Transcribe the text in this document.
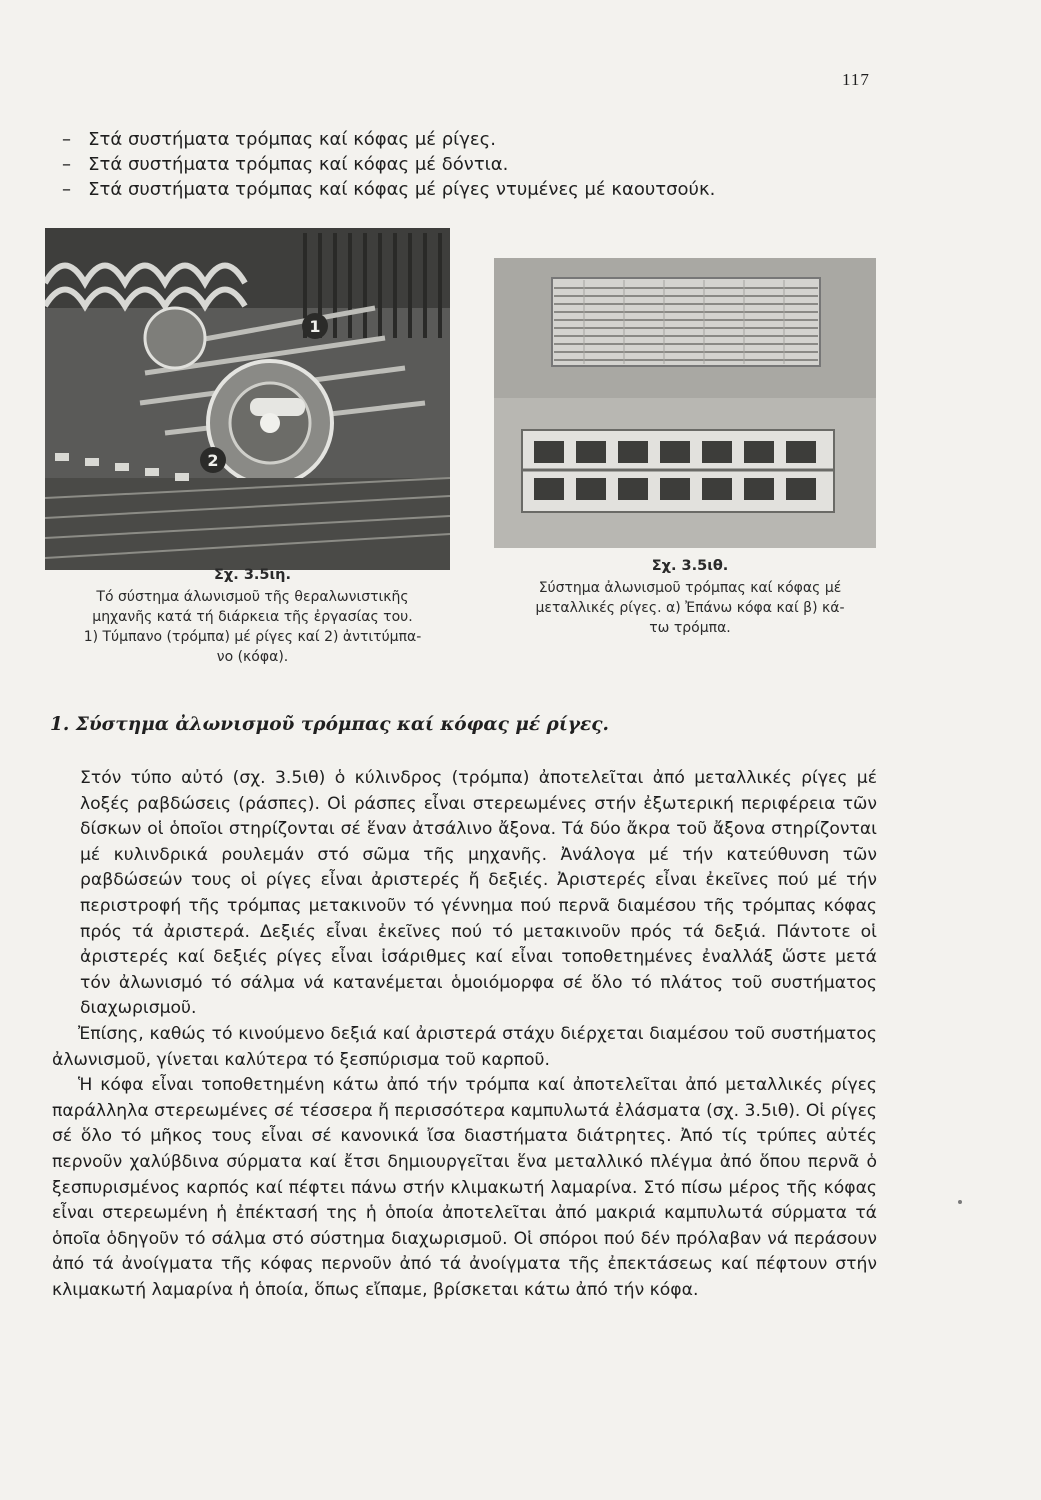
117
–   Στά συστήματα τρόμπας καί κόφας μέ ρίγες.
–   Στά συστήματα τρόμπας καί κόφας μέ δόντια.
–   Στά συστήματα τρόμπας καί κόφας μέ ρίγες ντυμένες μέ καουτσούκ.
1
2
Σχ. 3.5ιη.
Τό σύστημα άλωνισμοῦ τῆς θεραλωνιστικῆς
μηχανῆς κατά τή διάρκεια τῆς ἐργασίας του.
1) Τύμπανο (τρόμπα) μέ ρίγες καί 2) ἀντιτύμπα-
νο (κόφα).
Σχ. 3.5ιθ.
Σύστημα ἀλωνισμοῦ τρόμπας καί κόφας μέ
μεταλλικές ρίγες. α) Ἐπάνω κόφα καί β) κά-
τω τρόμπα.
1. Σύστημα ἀλωνισμοῦ τρόμπας καί κόφας μέ ρίγες.

Στόν τύπο αὐτό (σχ. 3.5ιθ) ὁ κύλινδρος (τρόμπα) ἀποτελεῖται ἀπό μεταλλικές ρίγες μέ λοξές ραβδώσεις (ράσπες). Οἱ ράσπες εἶναι στερεωμένες στήν ἐξωτερική περιφέρεια τῶν δίσκων οἱ ὁποῖοι στηρίζονται σέ ἕναν ἀτσάλινο ἄξονα. Τά δύο ἄκρα τοῦ ἄξονα στηρίζονται μέ κυλινδρικά ρουλεμάν στό σῶμα τῆς μηχανῆς. Ἀνάλογα μέ τήν κατεύθυνση τῶν ραβδώσεών τους οἱ ρίγες εἶναι ἀριστερές ἤ δεξιές. Ἀριστερές εἶναι ἐκεῖνες πού μέ τήν περιστροφή τῆς τρόμπας μετακινοῦν τό γέννημα πού περνᾶ διαμέσου τῆς τρόμπας κόφας πρός τά ἀριστερά. Δεξιές εἶναι ἐκεῖνες πού τό μετακινοῦν πρός τά δεξιά. Πάντοτε οἱ ἀριστερές καί δεξιές ρίγες εἶναι ἰσάριθμες καί εἶναι τοποθετημένες ἐναλλάξ ὥστε μετά τόν ἀλωνισμό τό σάλμα νά κατανέμεται ὁμοιόμορφα σέ ὅλο τό πλάτος τοῦ συστήματος διαχωρισμοῦ.

Ἐπίσης, καθώς τό κινούμενο δεξιά καί ἀριστερά στάχυ διέρχεται διαμέσου τοῦ συστήματος ἀλωνισμοῦ, γίνεται καλύτερα τό ξεσπύρισμα τοῦ καρποῦ.

Ἡ κόφα εἶναι τοποθετημένη κάτω ἀπό τήν τρόμπα καί ἀποτελεῖται ἀπό μεταλλικές ρίγες παράλληλα στερεωμένες σέ τέσσερα ἤ περισσότερα καμπυλωτά ἐλάσματα (σχ. 3.5ιθ). Οἱ ρίγες σέ ὅλο τό μῆκος τους εἶναι σέ κανονικά ἴσα διαστήματα διάτρητες. Ἀπό τίς τρύπες αὐτές περνοῦν χαλύβδινα σύρματα καί ἔτσι δημιουργεῖται ἕνα μεταλλικό πλέγμα ἀπό ὅπου περνᾶ ὁ ξεσπυρισμένος καρπός καί πέφτει πάνω στήν κλιμακωτή λαμαρίνα. Στό πίσω μέρος τῆς κόφας εἶναι στερεωμένη ἡ ἐπέκτασή της ἡ ὁποία ἀποτελεῖται ἀπό μακριά καμπυλωτά σύρματα τά ὁποῖα ὁδηγοῦν τό σάλμα στό σύστημα διαχωρισμοῦ. Οἱ σπόροι πού δέν πρόλαβαν νά περάσουν ἀπό τά ἀνοίγματα τῆς κόφας περνοῦν ἀπό τά ἀνοίγματα τῆς ἐπεκτάσεως καί πέφτουν στήν κλιμακωτή λαμαρίνα ἡ ὁποία, ὅπως εἴπαμε, βρίσκεται κάτω ἀπό τήν κόφα.
